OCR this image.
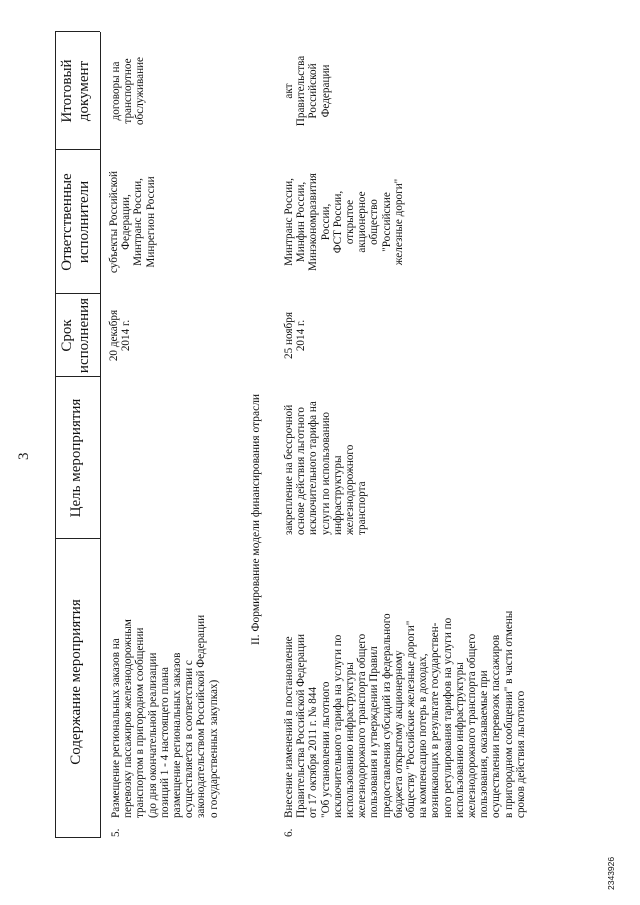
3
Содержание мероприятия
Цель мероприятия
Срок
исполнения
Ответственные
исполнители
Итоговый
документ
5.
Размещение региональных заказов на
перевозку пассажиров железнодорожным
транспортом в пригородном сообщении
(до дня окончательной реализации
позиций 1 - 4 настоящего плана
размещение региональных заказов
осуществляется в соответствии с
законодательством Российской Федерации
о государственных закупках)
20 декабря
2014 г.
субъекты Российской
Федерации,
Минтранс России,
Минрегион России
договоры на
транспортное
обслуживание
II. Формирование модели финансирования отрасли
6.
Внесение изменений в постановление
Правительства Российской Федерации
от 17 октября 2011 г. № 844
"Об установлении льготного
исключительного тарифа на услуги по
использованию инфраструктуры
железнодорожного транспорта общего
пользования и утверждении Правил
предоставления субсидий из федерального
бюджета открытому акционерному
обществу "Российские железные дороги"
на компенсацию потерь в доходах,
возникающих в результате государствен-
ного регулирования тарифов на услуги по
использованию инфраструктуры
железнодорожного транспорта общего
пользования, оказываемые при
осуществлении перевозок пассажиров
в пригородном сообщении" в части отмены
сроков действия льготного
закрепление на бессрочной
основе действия льготного
исключительного тарифа на
услуги по использованию
инфраструктуры
железнодорожного
транспорта
25 ноября
2014 г.
Минтранс России,
Минфин России,
Минэкономразвития
России,
ФСТ России,
открытое
акционерное
общество
"Российские
железные дороги"
акт
Правительства
Российской
Федерации
2343926
